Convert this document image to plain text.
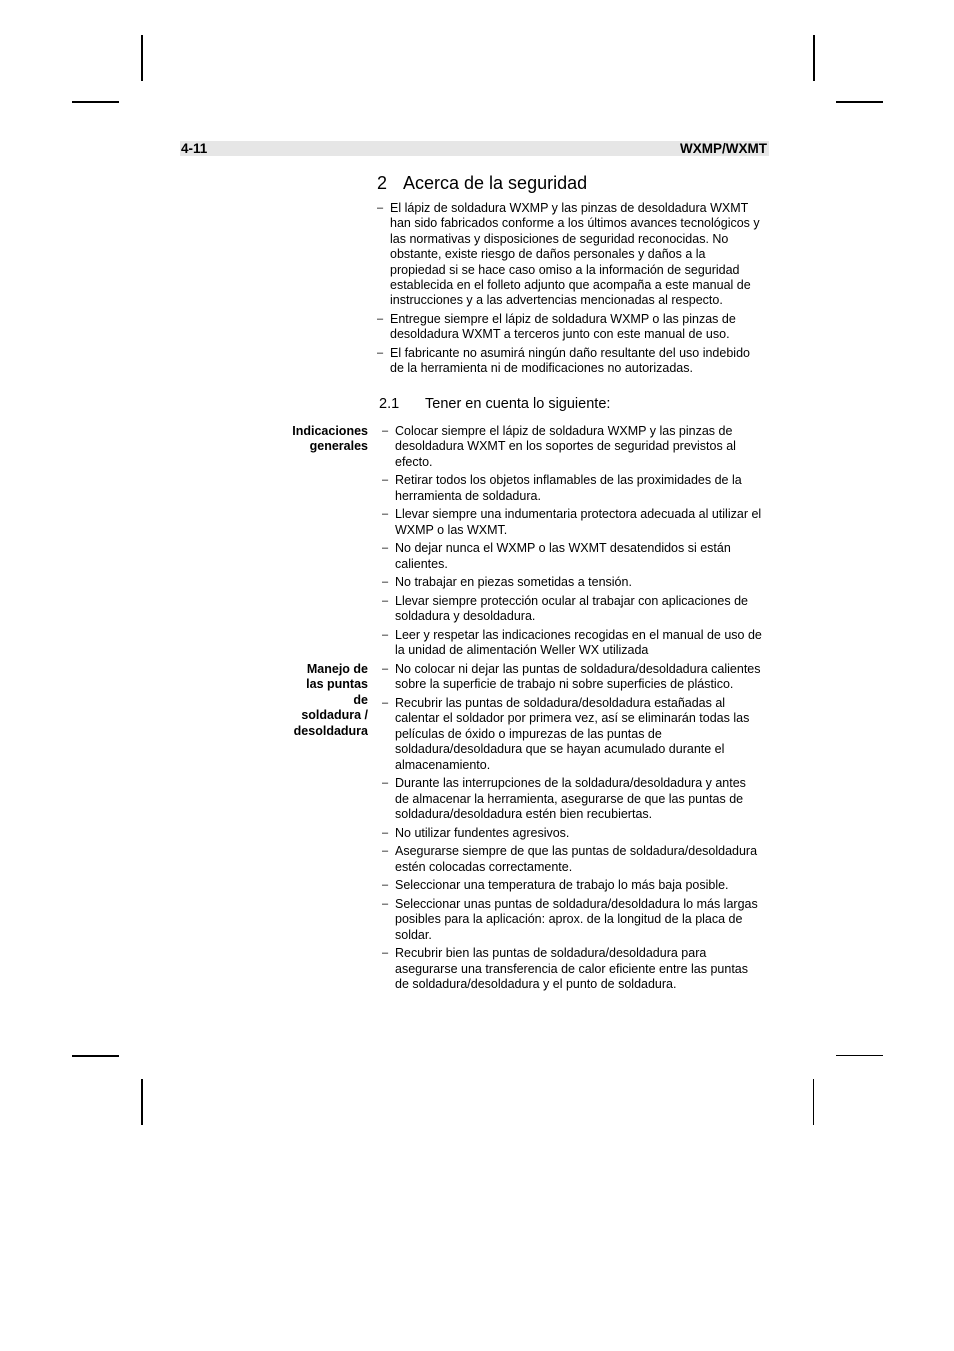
4-11	WXMP/WXMT
2 Acerca de la seguridad
– El lápiz de soldadura WXMP y las pinzas de desoldadura WXMT han sido fabricados conforme a los últimos avances tecnológicos y las normativas y disposiciones de seguridad reconocidas. No obstante, existe riesgo de daños personales y daños a la propiedad si se hace caso omiso a la información de seguridad establecida en el folleto adjunto que acompaña a este manual de instrucciones y a las advertencias mencionadas al respecto.
– Entregue siempre el lápiz de soldadura WXMP o las pinzas de desoldadura WXMT a terceros junto con este manual de uso.
– El fabricante no asumirá ningún daño resultante del uso indebido de la herramienta ni de modificaciones no autorizadas.
2.1 Tener en cuenta lo siguiente:
Indicaciones
generales
– Colocar siempre el lápiz de soldadura WXMP y las pinzas de desoldadura WXMT en los soportes de seguridad previstos al efecto.
– Retirar todos los objetos inflamables de las proximidades de la herramienta de soldadura.
– Llevar siempre una indumentaria protectora adecuada al utilizar el WXMP o las WXMT.
– No dejar nunca el WXMP o las WXMT desatendidos si están calientes.
– No trabajar en piezas sometidas a tensión.
– Llevar siempre protección ocular al trabajar con aplicaciones de soldadura y desoldadura.
– Leer y respetar las indicaciones recogidas en el manual de uso de la unidad de alimentación Weller WX utilizada
Manejo de
las puntas
de
soldadura /
desoldadura
– No colocar ni dejar las puntas de soldadura/desoldadura calientes sobre la superficie de trabajo ni sobre superficies de plástico.
– Recubrir las puntas de soldadura/desoldadura estañadas al calentar el soldador por primera vez, así se eliminarán todas las películas de óxido o impurezas de las puntas de soldadura/desoldadura que se hayan acumulado durante el almacenamiento.
– Durante las interrupciones de la soldadura/desoldadura y antes de almacenar la herramienta, asegurarse de que las puntas de soldadura/desoldadura estén bien recubiertas.
– No utilizar fundentes agresivos.
– Asegurarse siempre de que las puntas de soldadura/desoldadura estén colocadas correctamente.
– Seleccionar una temperatura de trabajo lo más baja posible.
– Seleccionar unas puntas de soldadura/desoldadura lo más largas posibles para la aplicación: aprox. de la longitud de la placa de soldar.
– Recubrir bien las puntas de soldadura/desoldadura para asegurarse una transferencia de calor eficiente entre las puntas de soldadura/desoldadura y el punto de soldadura.
